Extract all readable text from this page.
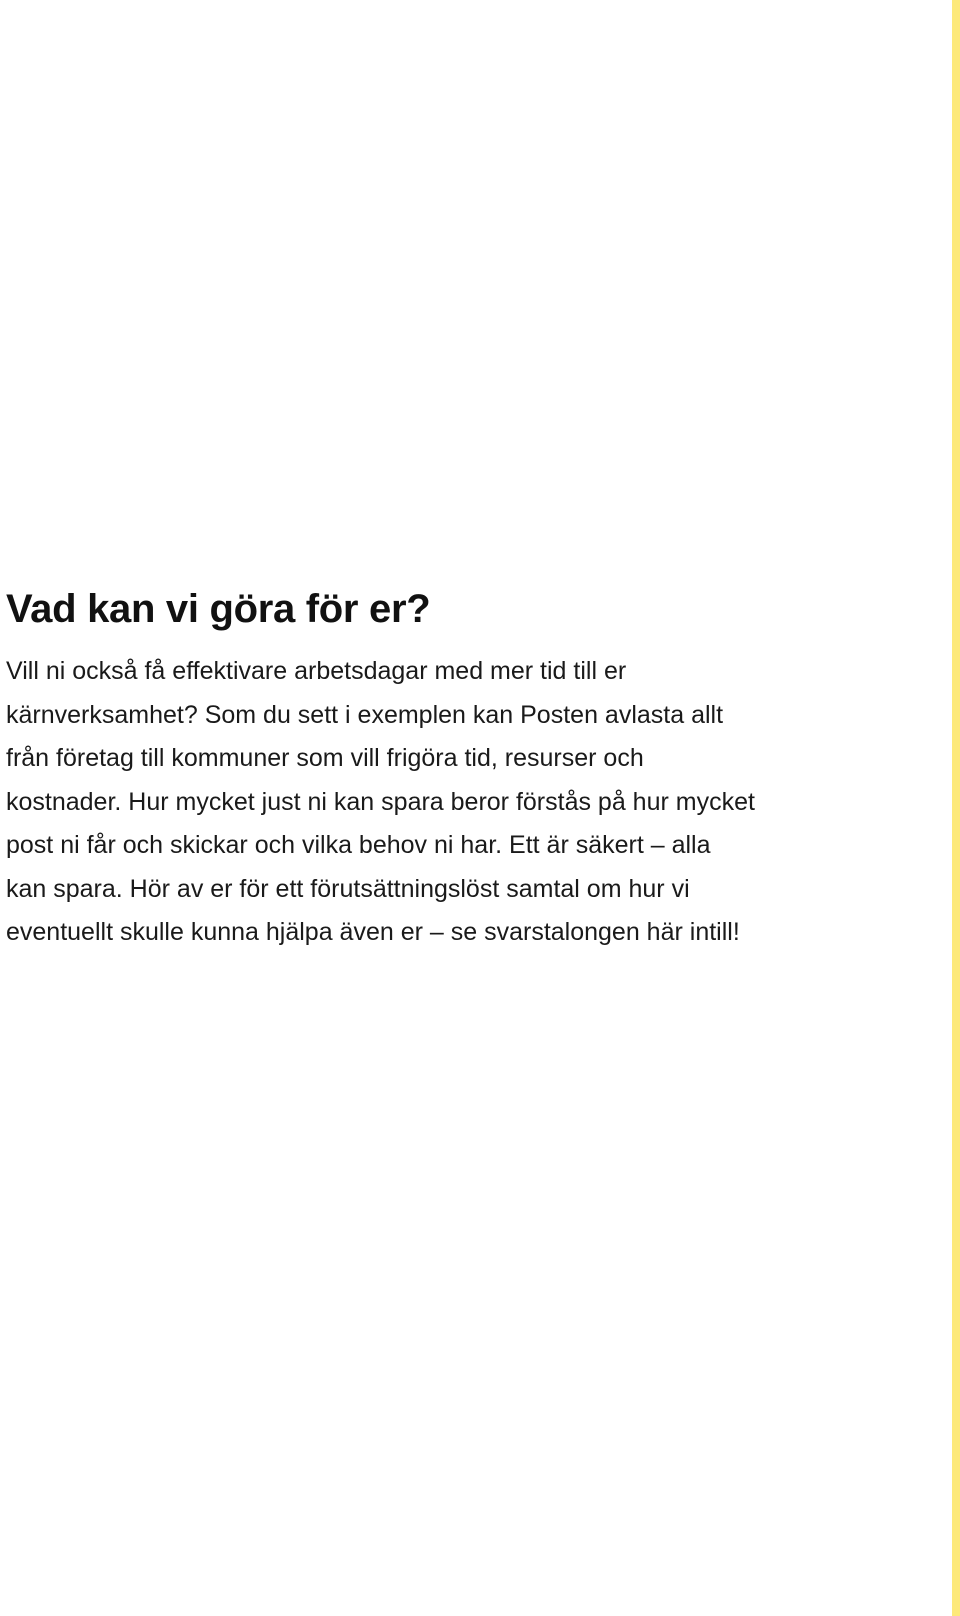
Vad kan vi göra för er?

Vill ni också få effektivare arbetsdagar med mer tid till er kärnverksamhet? Som du sett i exemplen kan Posten avlasta allt från företag till kommuner som vill frigöra tid, resurser och kostnader. Hur mycket just ni kan spara beror förstås på hur mycket post ni får och skickar och vilka behov ni har. Ett är säkert – alla kan spara. Hör av er för ett förutsättningslöst samtal om hur vi eventuellt skulle kunna hjälpa även er – se svarstalongen här intill!
